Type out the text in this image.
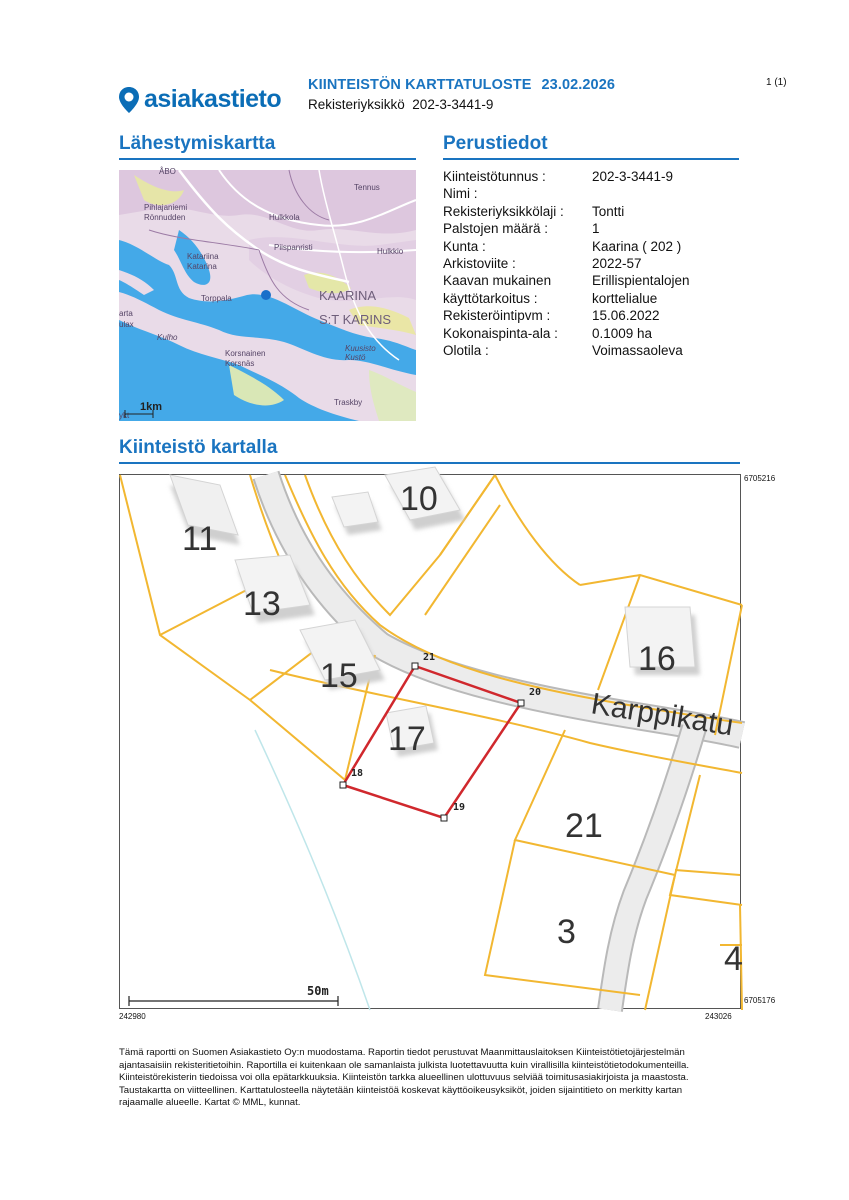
asiakastieto KIINTEISTÖN KARTTATULOSTE 23.02.2026
Rekisteriyksikkö 202-3-3441-9
1 (1)
Lähestymiskartta	Perustiedot
Kiinteistö kartalla
Kiinteistötunnus :	202-3-3441-9
Nimi :
Rekisteriyksikkölaji :	Tontti
Palstojen määrä :	1
Kunta :	Kaarina ( 202 )
Arkistoviite :	2022-57
Kaavan mukainen	Erillispientalojen
käyttötarkoitus :	korttelialue
Rekisteröintipvm :	15.06.2022
Kokonaispinta-ala :	0.1009 ha
Olotila :	Voimassaoleva
ÅBO
Tennus
Pihlajaniemi
Rönnudden	Hulkkola
Piispanristi	Hulkkio
Katariina
Katarina
Torppala
arta
ulax
Kulho
Korsnainen
Korsnäs
Kuusisto
Kustö
Traskby
ykt
KAARINA
S:T KARINS
1km
10
11
13
15	16
17
21
3
4
Karppikatu
21
20
18
19
50m
6705216
6705176
242980	243026
Tämä raportti on Suomen Asiakastieto Oy:n muodostama. Raportin tiedot perustuvat Maanmittauslaitoksen Kiinteistötietojärjestelmän ajantasaisiin rekisteritietoihin. Raportilla ei kuitenkaan ole samanlaista julkista luotettavuutta kuin virallisilla kiinteistötietodokumenteilla. Kiinteistörekisterin tiedoissa voi olla epätarkkuuksia. Kiinteistön tarkka alueellinen ulottuvuus selviää toimitusasiakirjoista ja maastosta. Taustakartta on viitteellinen. Karttatulosteella näytetään kiinteistöä koskevat käyttöoikeusyksiköt, joiden sijaintitieto on merkitty kartan rajaamalle alueelle. Kartat © MML, kunnat.
